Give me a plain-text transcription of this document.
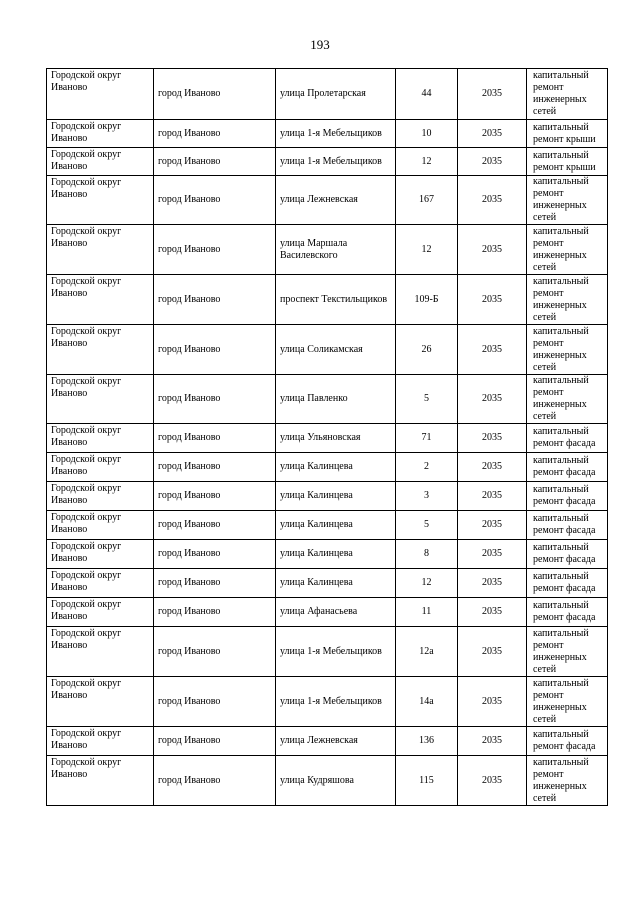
193
Городской округ Иваново	город Иваново	улица Пролетарская	44	2035	капитальный ремонт инженерных сетей
Городской округ Иваново	город Иваново	улица 1-я Мебельщиков	10	2035	капитальный ремонт крыши
Городской округ Иваново	город Иваново	улица 1-я Мебельщиков	12	2035	капитальный ремонт крыши
Городской округ Иваново	город Иваново	улица Лежневская	167	2035	капитальный ремонт инженерных сетей
Городской округ Иваново	город Иваново	улица Маршала Василевского	12	2035	капитальный ремонт инженерных сетей
Городской округ Иваново	город Иваново	проспект Текстильщиков	109-Б	2035	капитальный ремонт инженерных сетей
Городской округ Иваново	город Иваново	улица Соликамская	26	2035	капитальный ремонт инженерных сетей
Городской округ Иваново	город Иваново	улица Павленко	5	2035	капитальный ремонт инженерных сетей
Городской округ Иваново	город Иваново	улица Ульяновская	71	2035	капитальный ремонт фасада
Городской округ Иваново	город Иваново	улица Калинцева	2	2035	капитальный ремонт фасада
Городской округ Иваново	город Иваново	улица Калинцева	3	2035	капитальный ремонт фасада
Городской округ Иваново	город Иваново	улица Калинцева	5	2035	капитальный ремонт фасада
Городской округ Иваново	город Иваново	улица Калинцева	8	2035	капитальный ремонт фасада
Городской округ Иваново	город Иваново	улица Калинцева	12	2035	капитальный ремонт фасада
Городской округ Иваново	город Иваново	улица Афанасьева	11	2035	капитальный ремонт фасада
Городской округ Иваново	город Иваново	улица 1-я Мебельщиков	12а	2035	капитальный ремонт инженерных сетей
Городской округ Иваново	город Иваново	улица 1-я Мебельщиков	14а	2035	капитальный ремонт инженерных сетей
Городской округ Иваново	город Иваново	улица Лежневская	136	2035	капитальный ремонт фасада
Городской округ Иваново	город Иваново	улица Кудряшова	115	2035	капитальный ремонт инженерных сетей
